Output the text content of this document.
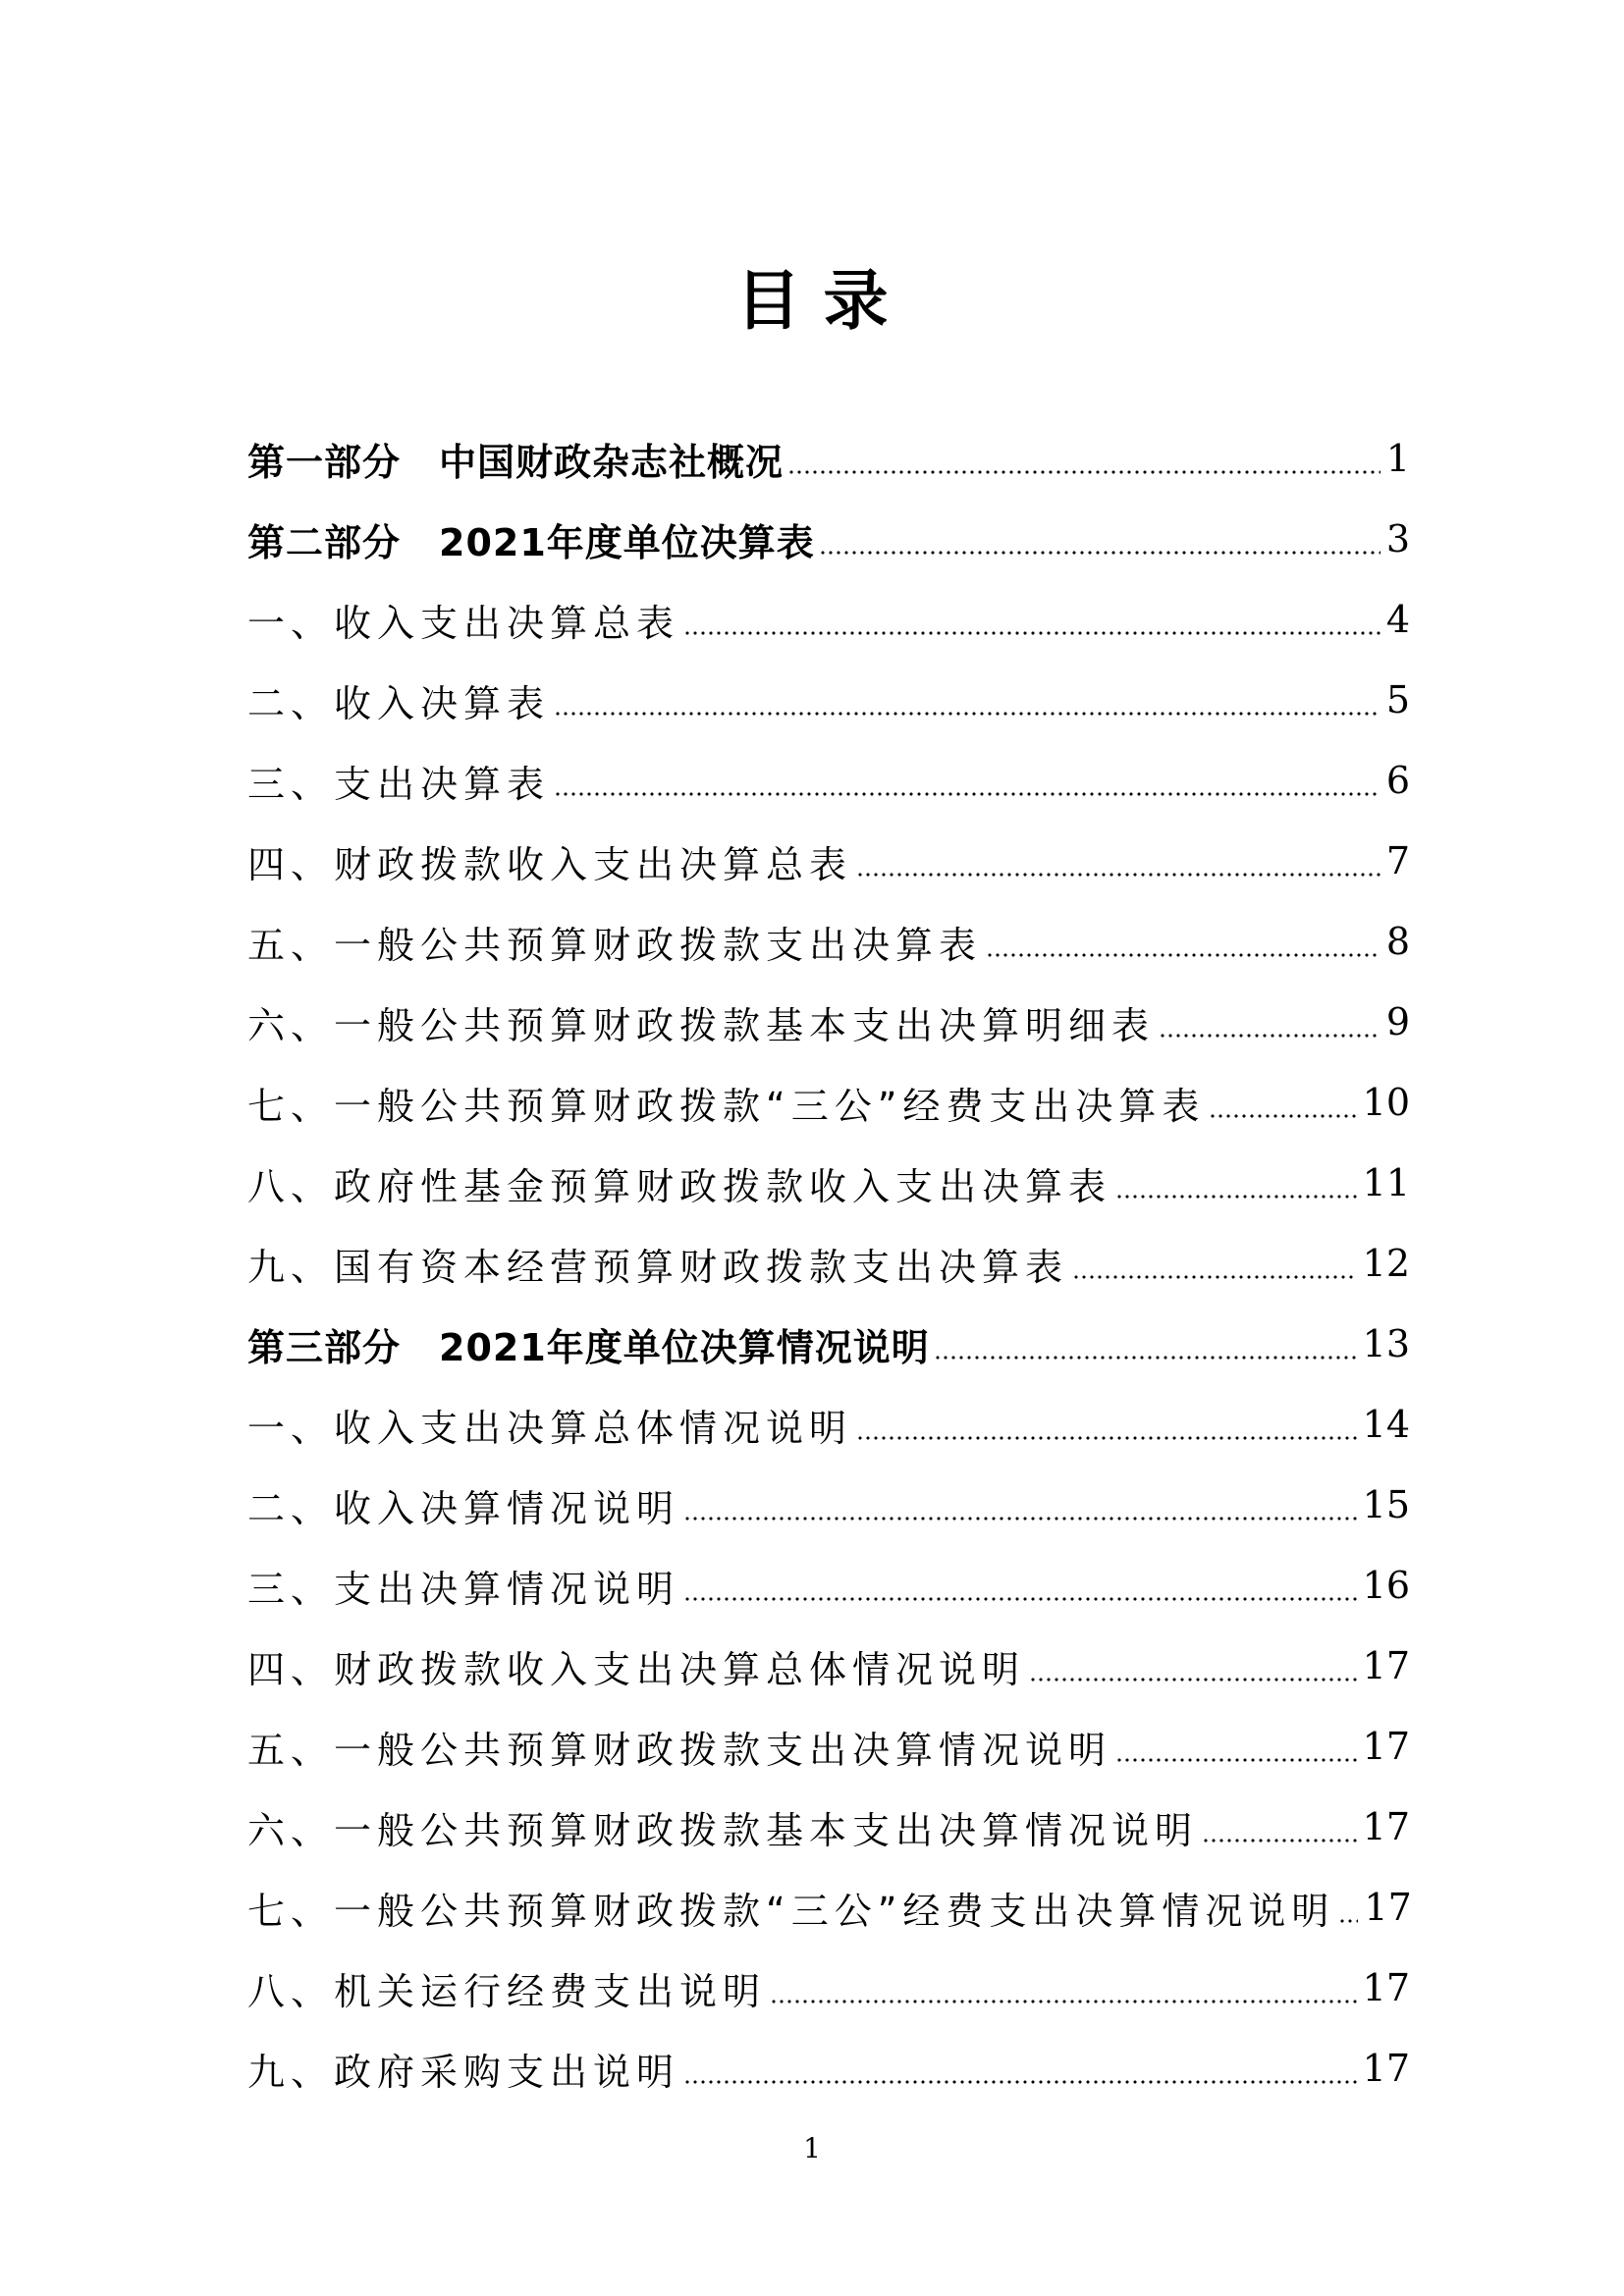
目 录
第一部分　中国财政杂志社概况	1
第二部分　2021年度单位决算表	3
一、收入支出决算总表	4
二、收入决算表	5
三、支出决算表	6
四、财政拨款收入支出决算总表	7
五、一般公共预算财政拨款支出决算表	8
六、一般公共预算财政拨款基本支出决算明细表	9
七、一般公共预算财政拨款“三公”经费支出决算表	10
八、政府性基金预算财政拨款收入支出决算表	11
九、国有资本经营预算财政拨款支出决算表	12
第三部分　2021年度单位决算情况说明	13
一、收入支出决算总体情况说明	14
二、收入决算情况说明	15
三、支出决算情况说明	16
四、财政拨款收入支出决算总体情况说明	17
五、一般公共预算财政拨款支出决算情况说明	17
六、一般公共预算财政拨款基本支出决算情况说明	17
七、一般公共预算财政拨款“三公”经费支出决算情况说明 17
八、机关运行经费支出说明	17
九、政府采购支出说明	17
1
